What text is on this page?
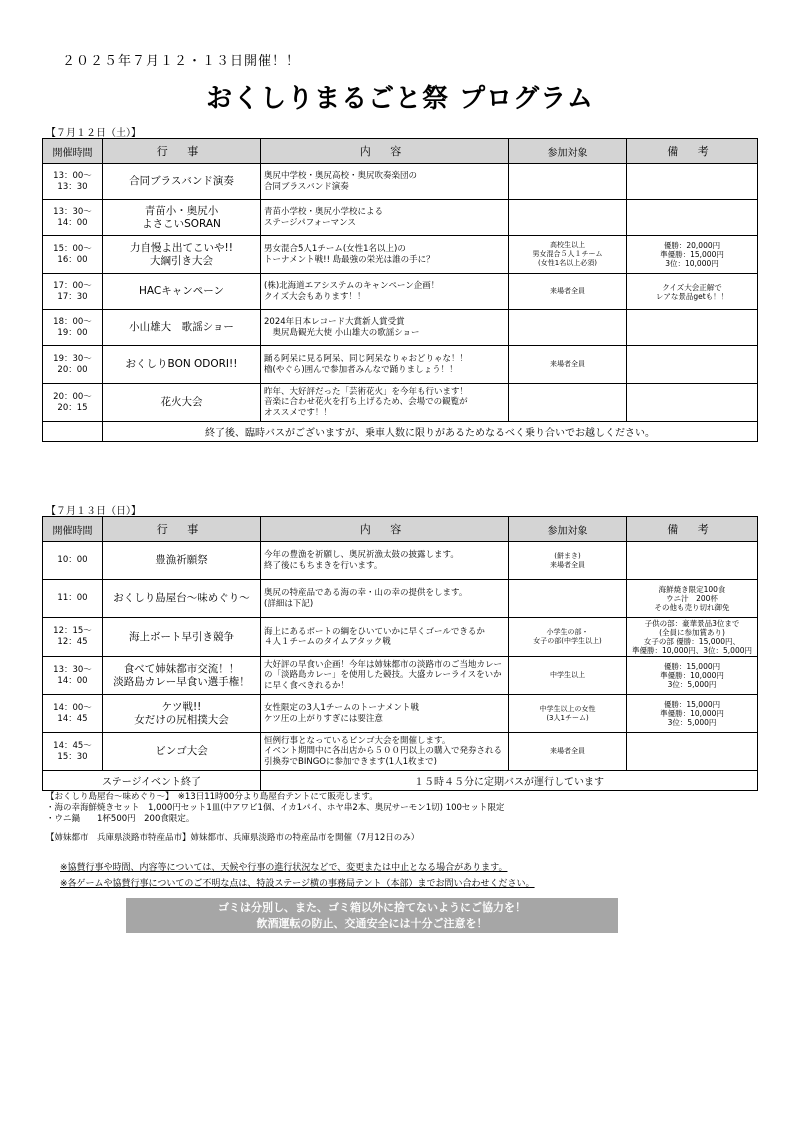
２０２５年７月１２・１３日開催！！
おくしりまるごと祭 プログラム
【７月１２日（土）】
開催時間	行 事	内 容	参加対象	備 考
13：00～
13：30	合同ブラスバンド演奏	奥尻中学校・奥尻高校・奥尻吹奏楽団の
合同ブラスバンド演奏		
13：30～
14：00	青苗小・奥尻小
よさこいSORAN	青苗小学校・奥尻小学校による
ステージパフォーマンス		
15：00～
16：00	力自慢よ出てこいや!!
大綱引き大会	男女混合5人1チーム(女性1名以上)の
トーナメント戦!! 島最強の栄光は誰の手に？	高校生以上
男女混合５人１チーム
(女性1名以上必須)	優勝：20,000円
準優勝：15,000円
3位：10,000円
17：00～
17：30	HACキャンペーン	(株)北海道エアシステムのキャンペーン企画！
クイズ大会もあります！！	来場者全員	クイズ大会正解で
レアな景品getも！！
18：00～
19：00	小山雄大　歌謡ショー	2024年日本レコード大賞新人賞受賞
　奥尻島観光大使 小山雄大の歌謡ショー		
19：30～
20：00	おくしりBON ODORI!!	踊る阿呆に見る阿呆、同じ阿呆なりゃおどりゃな！！
櫓(やぐら)囲んで参加者みんなで踊りましょう！！	来場者全員	
20：00～
20：15	花火大会	昨年、大好評だった「芸術花火」を今年も行います！
音楽に合わせ花火を打ち上げるため、会場での観覧が
オススメです！！		
	終了後、臨時バスがございますが、乗車人数に限りがあるためなるべく乗り合いでお越しください。			
【７月１３日（日）】
開催時間	行 事	内 容	参加対象	備 考
10：00	豊漁祈願祭	今年の豊漁を祈願し、奥尻祈漁太鼓の披露します。
終了後にもちまきを行います。	(餅まき)
来場者全員	
11：00	おくしり島屋台～味めぐり～	奥尻の特産品である海の幸・山の幸の提供をします。
(詳細は下記)		海鮮焼き限定100食
ウニ汁　200杯
その他も売り切れ御免
12：15～
12：45	海上ボート早引き競争	海上にあるボートの綱をひいていかに早くゴールできるか
４人１チームのタイムアタック戦	小学生の部・
女子の部(中学生以上)	子供の部：豪華景品3位まで
(全員に参加賞あり)
女子の部 優勝：15,000円、
準優勝：10,000円、3位：5,000円
13：30～
14：00	食べて姉妹都市交流！！
淡路島カレー早食い選手権！	大好評の早食い企画！今年は姉妹都市の淡路市のご当地カレーの「淡路島カレー」を使用した競技。大盛カレーライスをいかに早く食べきれるか！	中学生以上	優勝：15,000円
準優勝：10,000円
3位：5,000円
14：00～
14：45	ケツ戦!!
女だけの尻相撲大会	女性限定の3人1チームのトーナメント戦
ケツ圧の上がりすぎには要注意	中学生以上の女性
(3人1チーム)	優勝：15,000円
準優勝：10,000円
3位：5,000円
14：45～
15：30	ビンゴ大会	恒例行事となっているビンゴ大会を開催します。
イベント期間中に各出店から５００円以上の購入で発券される引換券でBINGOに参加できます(1人1枚まで)	来場者全員	
ステージイベント終了		１５時４５分に定期バスが運行しています		
【おくしり島屋台～味めぐり～】　※13日11時00分より島屋台テントにて販売します。
・海の幸海鮮焼きセット　1,000円セット1皿(中アワビ1個、イカ1パイ、ホヤ串2本、奥尻サーモン1切) 100セット限定
・ウニ鍋　　1杯500円　200食限定。
【姉妹都市　兵庫県淡路市特産品市】姉妹都市、兵庫県淡路市の特産品市を開催（7月12日のみ）
※協賛行事や時間、内容等については、天候や行事の進行状況などで、変更または中止となる場合があります。
※各ゲームや協賛行事についてのご不明な点は、特設ステージ横の事務局テント（本部）までお問い合わせください。
ゴミは分別し、また、ゴミ箱以外に捨てないようにご協力を！
飲酒運転の防止、交通安全には十分ご注意を！
